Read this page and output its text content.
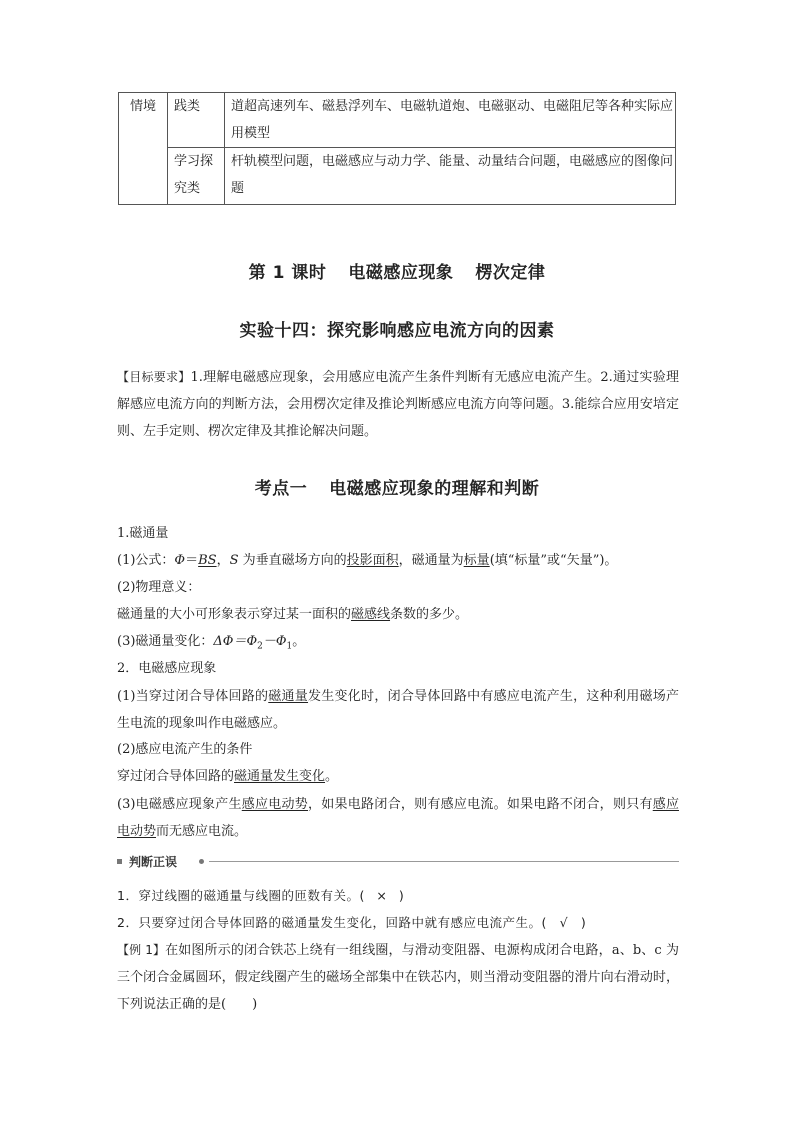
情境	践类	道超高速列车、磁悬浮列车、电磁轨道炮、电磁驱动、电磁阻尼等各种实际应用模型
	学习探究类	杆轨模型问题，电磁感应与动力学、能量、动量结合问题，电磁感应的图像问题
第 1 课时 电磁感应现象 楞次定律
实验十四：探究影响感应电流方向的因素
【目标要求】1.理解电磁感应现象，会用感应电流产生条件判断有无感应电流产生。2.通过实验理解感应电流方向的判断方法，会用楞次定律及推论判断感应电流方向等问题。3.能综合应用安培定则、左手定则、楞次定律及其推论解决问题。
考点一 电磁感应现象的理解和判断
1.磁通量
(1)公式：Φ＝BS，S 为垂直磁场方向的投影面积，磁通量为标量(填“标量”或“矢量”)。
(2)物理意义：
磁通量的大小可形象表示穿过某一面积的磁感线条数的多少。
(3)磁通量变化：$\Delta\Phi=\Phi_2-\Phi_1$。
2．电磁感应现象
(1)当穿过闭合导体回路的磁通量发生变化时，闭合导体回路中有感应电流产生，这种利用磁场产生电流的现象叫作电磁感应。
(2)感应电流产生的条件
穿过闭合导体回路的磁通量发生变化。
(3)电磁感应现象产生感应电动势，如果电路闭合，则有感应电流。如果电路不闭合，则只有感应电动势而无感应电流。
判断正误
1．穿过线圈的磁通量与线圈的匝数有关。( × )
2．只要穿过闭合导体回路的磁通量发生变化，回路中就有感应电流产生。( √ )
【例 1】在如图所示的闭合铁芯上绕有一组线圈，与滑动变阻器、电源构成闭合电路，a、b、c 为三个闭合金属圆环，假定线圈产生的磁场全部集中在铁芯内，则当滑动变阻器的滑片向右滑动时，下列说法正确的是(　　)
